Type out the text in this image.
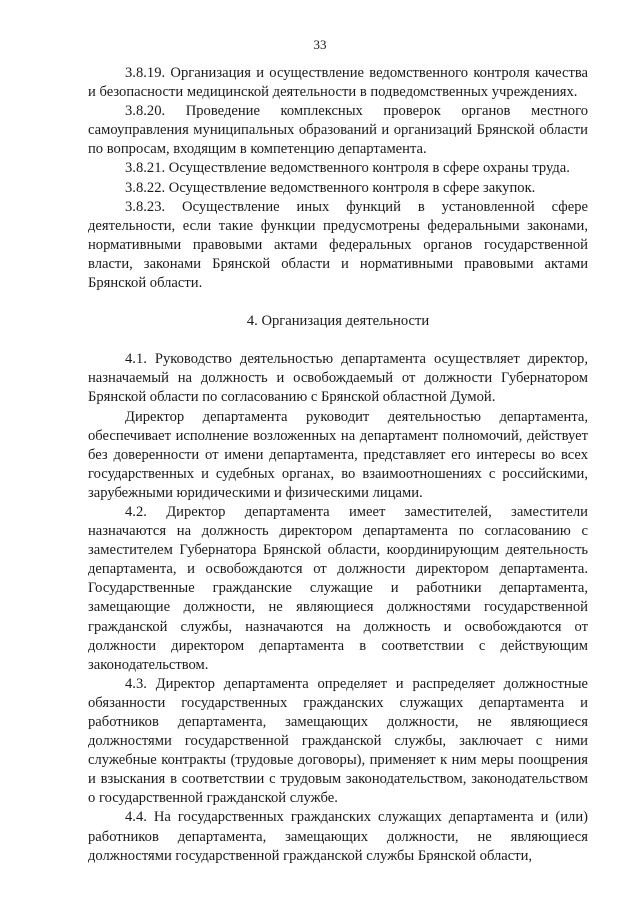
33

3.8.19. Организация и осуществление ведомственного контроля качества и безопасности медицинской деятельности в подведомственных учреждениях.

3.8.20. Проведение комплексных проверок органов местного самоуправления муниципальных образований и организаций Брянской области по вопросам, входящим в компетенцию департамента.

3.8.21. Осуществление ведомственного контроля в сфере охраны труда.

3.8.22. Осуществление ведомственного контроля в сфере закупок.

3.8.23. Осуществление иных функций в установленной сфере деятельности, если такие функции предусмотрены федеральными законами, нормативными правовыми актами федеральных органов государственной власти, законами Брянской области и нормативными правовыми актами Брянской области.

4. Организация деятельности

4.1. Руководство деятельностью департамента осуществляет директор, назначаемый на должность и освобождаемый от должности Губернатором Брянской области по согласованию с Брянской областной Думой.

Директор департамента руководит деятельностью департамента, обеспечивает исполнение возложенных на департамент полномочий, действует без доверенности от имени департамента, представляет его интересы во всех государственных и судебных органах, во взаимоотношениях с российскими, зарубежными юридическими и физическими лицами.

4.2. Директор департамента имеет заместителей, заместители назначаются на должность директором департамента по согласованию с заместителем Губернатора Брянской области, координирующим деятельность департамента, и освобождаются от должности директором департамента. Государственные гражданские служащие и работники департамента, замещающие должности, не являющиеся должностями государственной гражданской службы, назначаются на должность и освобождаются от должности директором департамента в соответствии с действующим законодательством.

4.3. Директор департамента определяет и распределяет должностные обязанности государственных гражданских служащих департамента и работников департамента, замещающих должности, не являющиеся должностями государственной гражданской службы, заключает с ними служебные контракты (трудовые договоры), применяет к ним меры поощрения и взыскания в соответствии с трудовым законодательством, законодательством о государственной гражданской службе.

4.4. На государственных гражданских служащих департамента и (или) работников департамента, замещающих должности, не являющиеся должностями государственной гражданской службы Брянской области,
